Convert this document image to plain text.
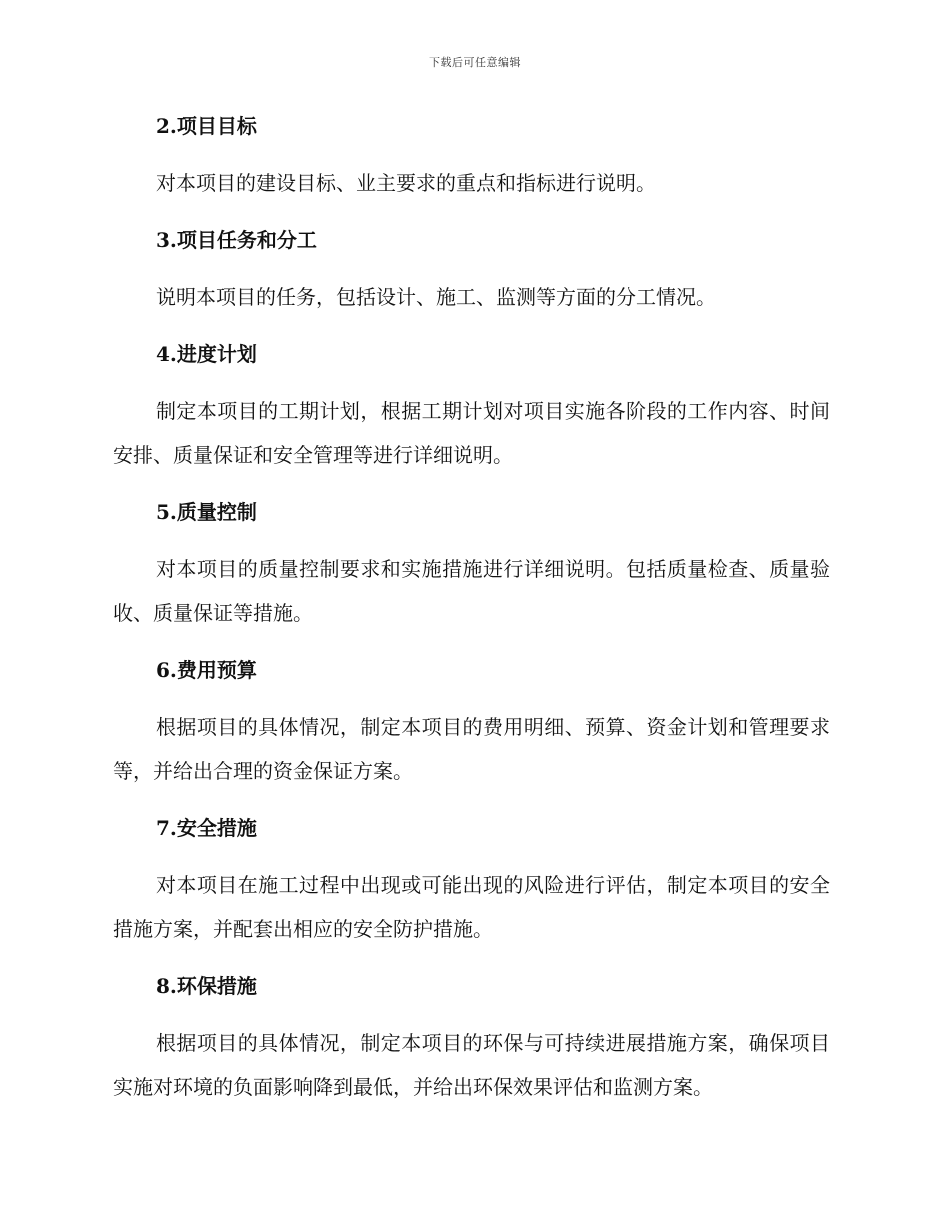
下载后可任意编辑
2.项目目标

对本项目的建设目标、业主要求的重点和指标进行说明。

3.项目任务和分工

说明本项目的任务，包括设计、施工、监测等方面的分工情况。

4.进度计划

制定本项目的工期计划，根据工期计划对项目实施各阶段的工作内容、时间安排、质量保证和安全管理等进行详细说明。

5.质量控制

对本项目的质量控制要求和实施措施进行详细说明。包括质量检查、质量验收、质量保证等措施。

6.费用预算

根据项目的具体情况，制定本项目的费用明细、预算、资金计划和管理要求等，并给出合理的资金保证方案。

7.安全措施

对本项目在施工过程中出现或可能出现的风险进行评估，制定本项目的安全措施方案，并配套出相应的安全防护措施。

8.环保措施

根据项目的具体情况，制定本项目的环保与可持续进展措施方案，确保项目实施对环境的负面影响降到最低，并给出环保效果评估和监测方案。
